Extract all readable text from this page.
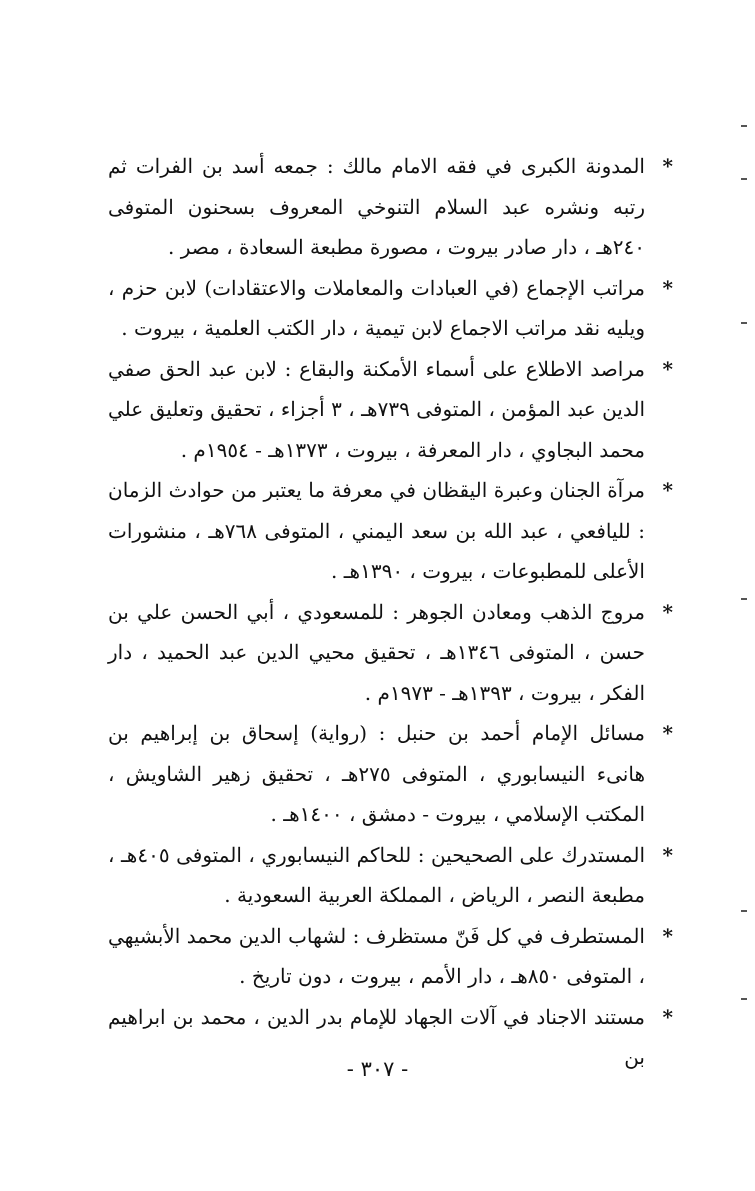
*
المدونة الكبرى في فقه الامام مالك : جمعه أسد بن الفرات ثم رتبه ونشره عبد السلام التنوخي المعروف بسحنون المتوفى ٢٤٠هـ ، دار صادر بيروت ، مصورة مطبعة السعادة ، مصر .

*
مراتب الإجماع (في العبادات والمعاملات والاعتقادات) لابن حزم ، ويليه نقد مراتب الاجماع لابن تيمية ، دار الكتب العلمية ، بيروت .

*
مراصد الاطلاع على أسماء الأمكنة والبقاع : لابن عبد الحق صفي الدين عبد المؤمن ، المتوفى ٧٣٩هـ ، ٣ أجزاء ، تحقيق وتعليق علي محمد البجاوي ، دار المعرفة ، بيروت ، ١٣٧٣هـ - ١٩٥٤م .

*
مرآة الجنان وعبرة اليقظان في معرفة ما يعتبر من حوادث الزمان : لليافعي ، عبد الله بن سعد اليمني ، المتوفى ٧٦٨هـ ، منشورات الأعلى للمطبوعات ، بيروت ، ١٣٩٠هـ .

*
مروج الذهب ومعادن الجوهر : للمسعودي ، أبي الحسن علي بن حسن ، المتوفى ١٣٤٦هـ ، تحقيق محيي الدين عبد الحميد ، دار الفكر ، بيروت ، ١٣٩٣هـ - ١٩٧٣م .

*
مسائل الإمام أحمد بن حنبل : (رواية) إسحاق بن إبراهيم بن هانىء النيسابوري ، المتوفى ٢٧٥هـ ، تحقيق زهير الشاويش ، المكتب الإسلامي ، بيروت - دمشق ، ١٤٠٠هـ .

*
المستدرك على الصحيحين : للحاكم النيسابوري ، المتوفى ٤٠٥هـ ، مطبعة النصر ، الرياض ، المملكة العربية السعودية .

*
المستطرف في كل فَنّ مستظرف : لشهاب الدين محمد الأبشيهي ، المتوفى ٨٥٠هـ ، دار الأمم ، بيروت ، دون تاريخ .

*
مستند الاجناد في آلات الجهاد للإمام بدر الدين ، محمد بن ابراهيم بن

- ٣٠٧ -
